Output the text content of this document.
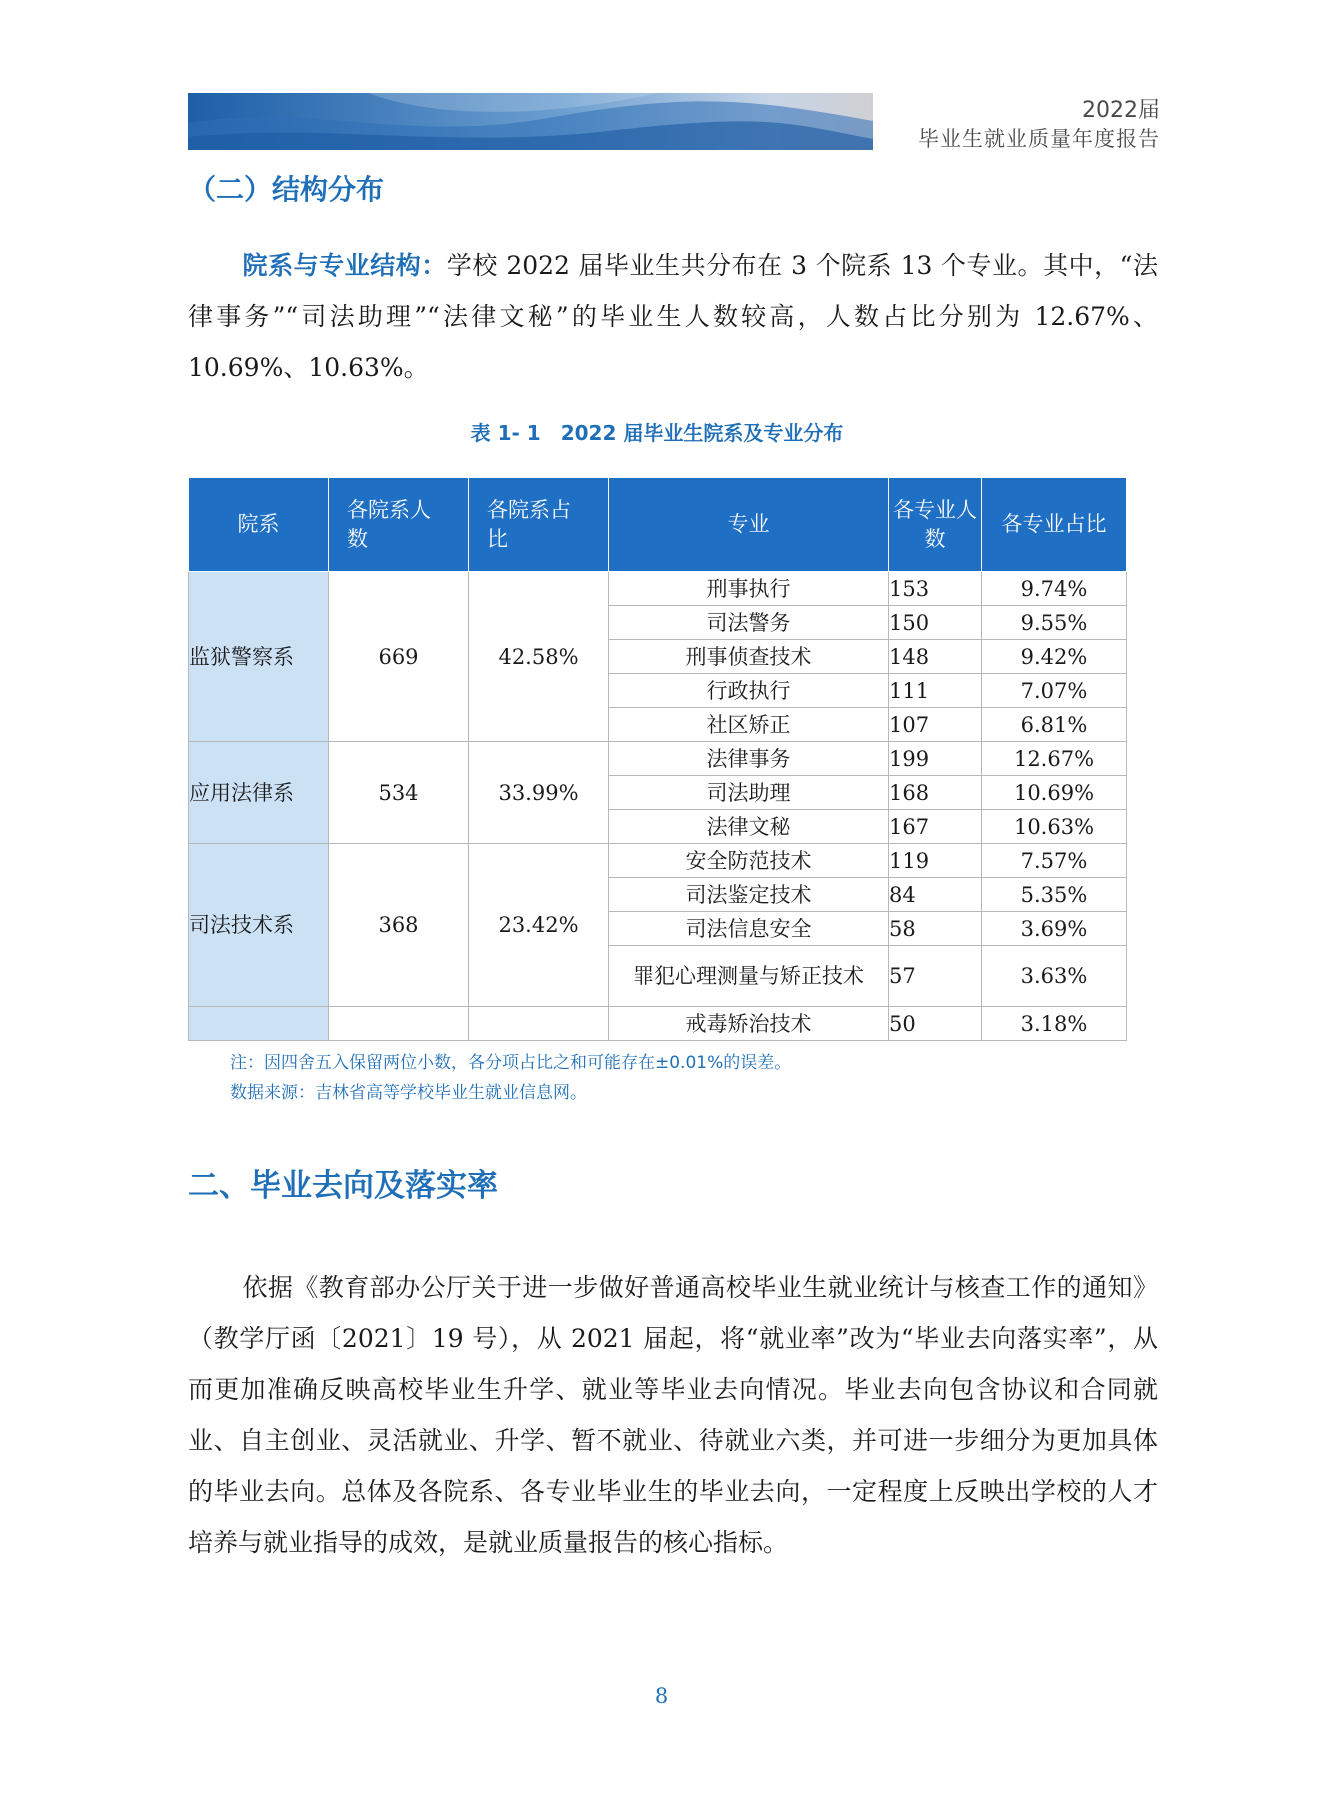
2022届
毕业生就业质量年度报告
（二）结构分布
院系与专业结构：学校 2022 届毕业生共分布在 3 个院系 13 个专业。其中，“法律事务”“司法助理”“法律文秘”的毕业生人数较高，人数占比分别为 12.67%、10.69%、10.63%。
表 1- 1　2022 届毕业生院系及专业分布
院系	各院系人数	各院系占比	专业	各专业人数	各专业占比
监狱警察系	669	42.58%	刑事执行	153	9.74%
			司法警务	150	9.55%
			刑事侦查技术	148	9.42%
			行政执行	111	7.07%
			社区矫正	107	6.81%
应用法律系	534	33.99%	法律事务	199	12.67%
			司法助理	168	10.69%
			法律文秘	167	10.63%
司法技术系	368	23.42%	安全防范技术	119	7.57%
			司法鉴定技术	84	5.35%
			司法信息安全	58	3.69%
			罪犯心理测量与矫正技术	57	3.63%
			戒毒矫治技术	50	3.18%
注：因四舍五入保留两位小数，各分项占比之和可能存在±0.01%的误差。
数据来源：吉林省高等学校毕业生就业信息网。
二、毕业去向及落实率
依据《教育部办公厅关于进一步做好普通高校毕业生就业统计与核查工作的通知》（教学厅函〔2021〕19 号），从 2021 届起，将“就业率”改为“毕业去向落实率”，从而更加准确反映高校毕业生升学、就业等毕业去向情况。毕业去向包含协议和合同就业、自主创业、灵活就业、升学、暂不就业、待就业六类，并可进一步细分为更加具体的毕业去向。总体及各院系、各专业毕业生的毕业去向，一定程度上反映出学校的人才培养与就业指导的成效，是就业质量报告的核心指标。
8
